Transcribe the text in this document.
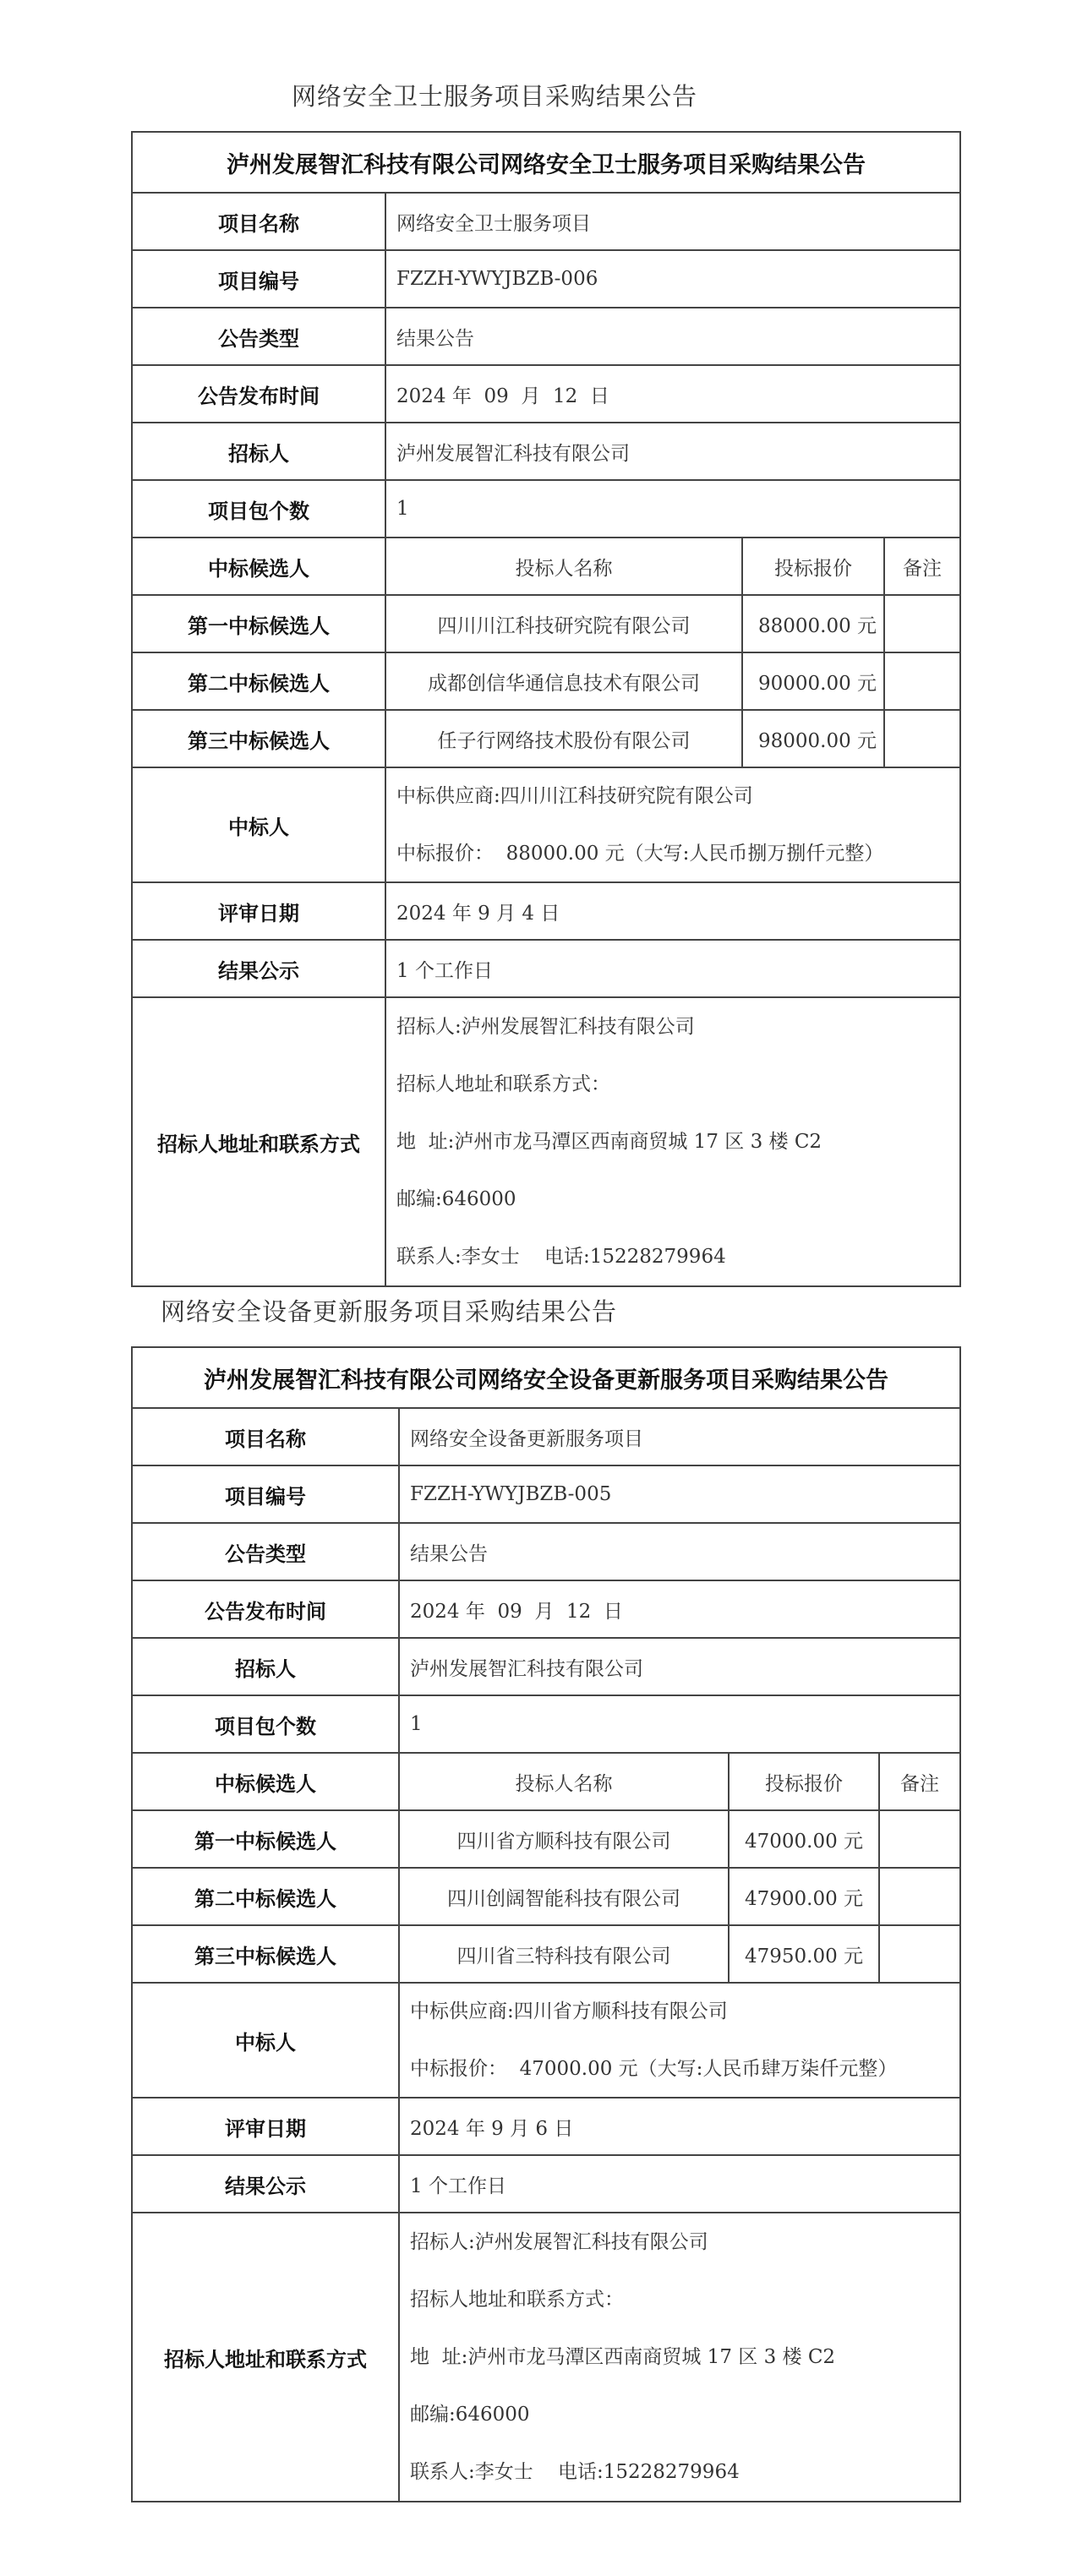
网络安全卫士服务项目采购结果公告
泸州发展智汇科技有限公司网络安全卫士服务项目采购结果公告			
项目名称	网络安全卫士服务项目		
项目编号	FZZH-YWYJBZB-006		
公告类型	结果公告		
公告发布时间	2024 年  09  月  12  日		
招标人	泸州发展智汇科技有限公司		
项目包个数	1		
中标候选人	投标人名称	投标报价	备注
第一中标候选人	四川川江科技研究院有限公司	88000.00 元	
第二中标候选人	成都创信华通信息技术有限公司	90000.00 元	
第三中标候选人	任子行网络技术股份有限公司	98000.00 元	
中标人	中标供应商:四川川江科技研究院有限公司
中标报价：  88000.00 元（大写:人民币捌万捌仟元整）		

评审日期	2024 年 9 月 4 日		
结果公示	1 个工作日		
招标人地址和联系方式	招标人:泸州发展智汇科技有限公司
招标人地址和联系方式：
地  址:泸州市龙马潭区西南商贸城 17 区 3 楼 C2
邮编:646000
联系人:李女士    电话:15228279964		
网络安全设备更新服务项目采购结果公告
泸州发展智汇科技有限公司网络安全设备更新服务项目采购结果公告			
项目名称	网络安全设备更新服务项目		
项目编号	FZZH-YWYJBZB-005		
公告类型	结果公告		
公告发布时间	2024 年  09  月  12  日		
招标人	泸州发展智汇科技有限公司		
项目包个数	1		
中标候选人	投标人名称	投标报价	备注
第一中标候选人	四川省方顺科技有限公司	47000.00 元	
第二中标候选人	四川创阔智能科技有限公司	47900.00 元	
第三中标候选人	四川省三特科技有限公司	47950.00 元	
中标人	中标供应商:四川省方顺科技有限公司
中标报价：  47000.00 元（大写:人民币肆万柒仟元整）		

评审日期	2024 年 9 月 6 日		
结果公示	1 个工作日		
招标人地址和联系方式	招标人:泸州发展智汇科技有限公司
招标人地址和联系方式：
地  址:泸州市龙马潭区西南商贸城 17 区 3 楼 C2
邮编:646000
联系人:李女士    电话:15228279964		
